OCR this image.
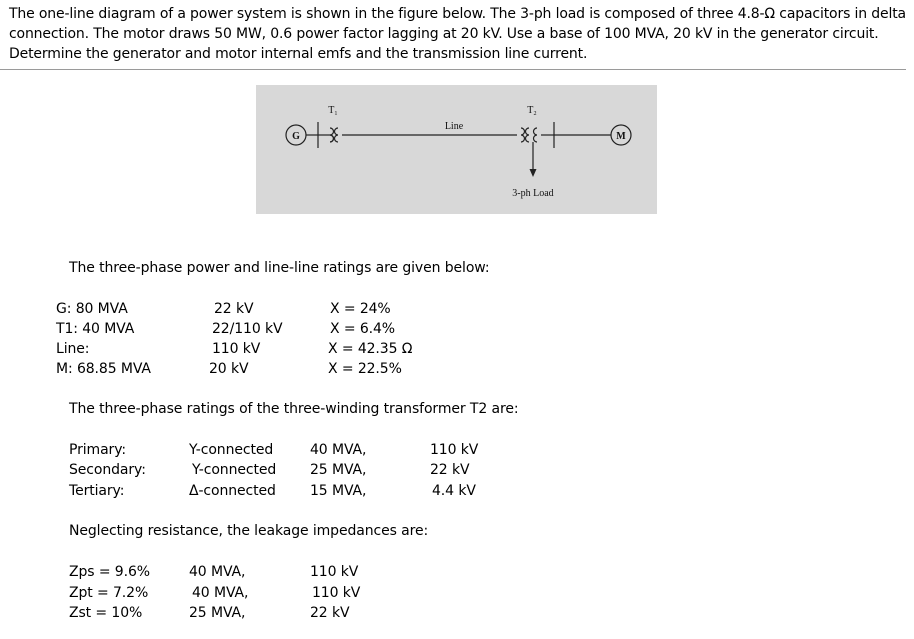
The one-line diagram of a power system is shown in the figure below. The 3-ph load is composed of three 4.8-Ω capacitors in delta connection. The motor draws 50 MW, 0.6 power factor lagging at 20 kV. Use a base of 100 MVA, 20 kV in the generator circuit. Determine the generator and motor internal emfs and the transmission line current.
G	M
T₁	T₂
Line
3-ph Load
The three-phase power and line-line ratings are given below:
G: 80 MVA	22 kV	X = 24%
T1: 40 MVA	22/110 kV	X = 6.4%
Line:	110 kV	X = 42.35 Ω
M: 68.85 MVA	20 kV	X = 22.5%
The three-phase ratings of the three-winding transformer T2 are:
Primary:	Y-connected	40 MVA,	110 kV
Secondary:	Y-connected 25 MVA,	22 kV
Tertiary:	Δ-connected 15 MVA,	4.4 kV
Neglecting resistance, the leakage impedances are:
Zps = 9.6%	40 MVA,	110 kV
Zpt = 7.2%	40 MVA,	110 kV
Zst = 10%	25 MVA,	22 kV
